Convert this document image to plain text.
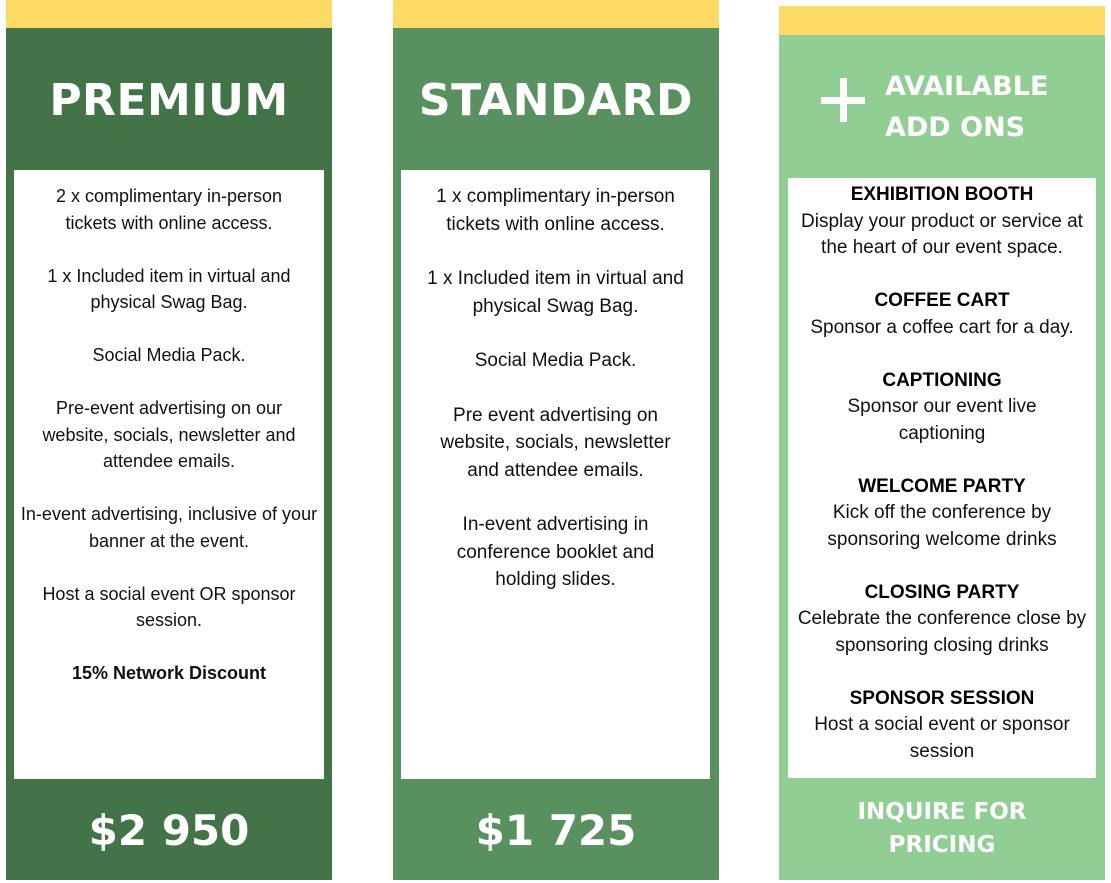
PREMIUM

2 x complimentary in-person tickets with online access.

1 x Included item in virtual and physical Swag Bag.

Social Media Pack.

Pre-event advertising on our website, socials, newsletter and attendee emails.

In-event advertising, inclusive of your banner at the event.

Host a social event OR sponsor session.

15% Network Discount

$2 950
STANDARD

1 x complimentary in-person tickets with online access.

1 x Included item in virtual and physical Swag Bag.

Social Media Pack.

Pre event advertising on website, socials, newsletter and attendee emails.

In-event advertising in conference booklet and holding slides.

$1 725
AVAILABLE
ADD ONS
EXHIBITION BOOTH
Display your product or service at the heart of our event space.
COFFEE CART
Sponsor a coffee cart for a day.
CAPTIONING
Sponsor our event live captioning
WELCOME PARTY
Kick off the conference by sponsoring welcome drinks
CLOSING PARTY
Celebrate the conference close by sponsoring closing drinks
SPONSOR SESSION
Host a social event or sponsor session
INQUIRE FOR
PRICING
